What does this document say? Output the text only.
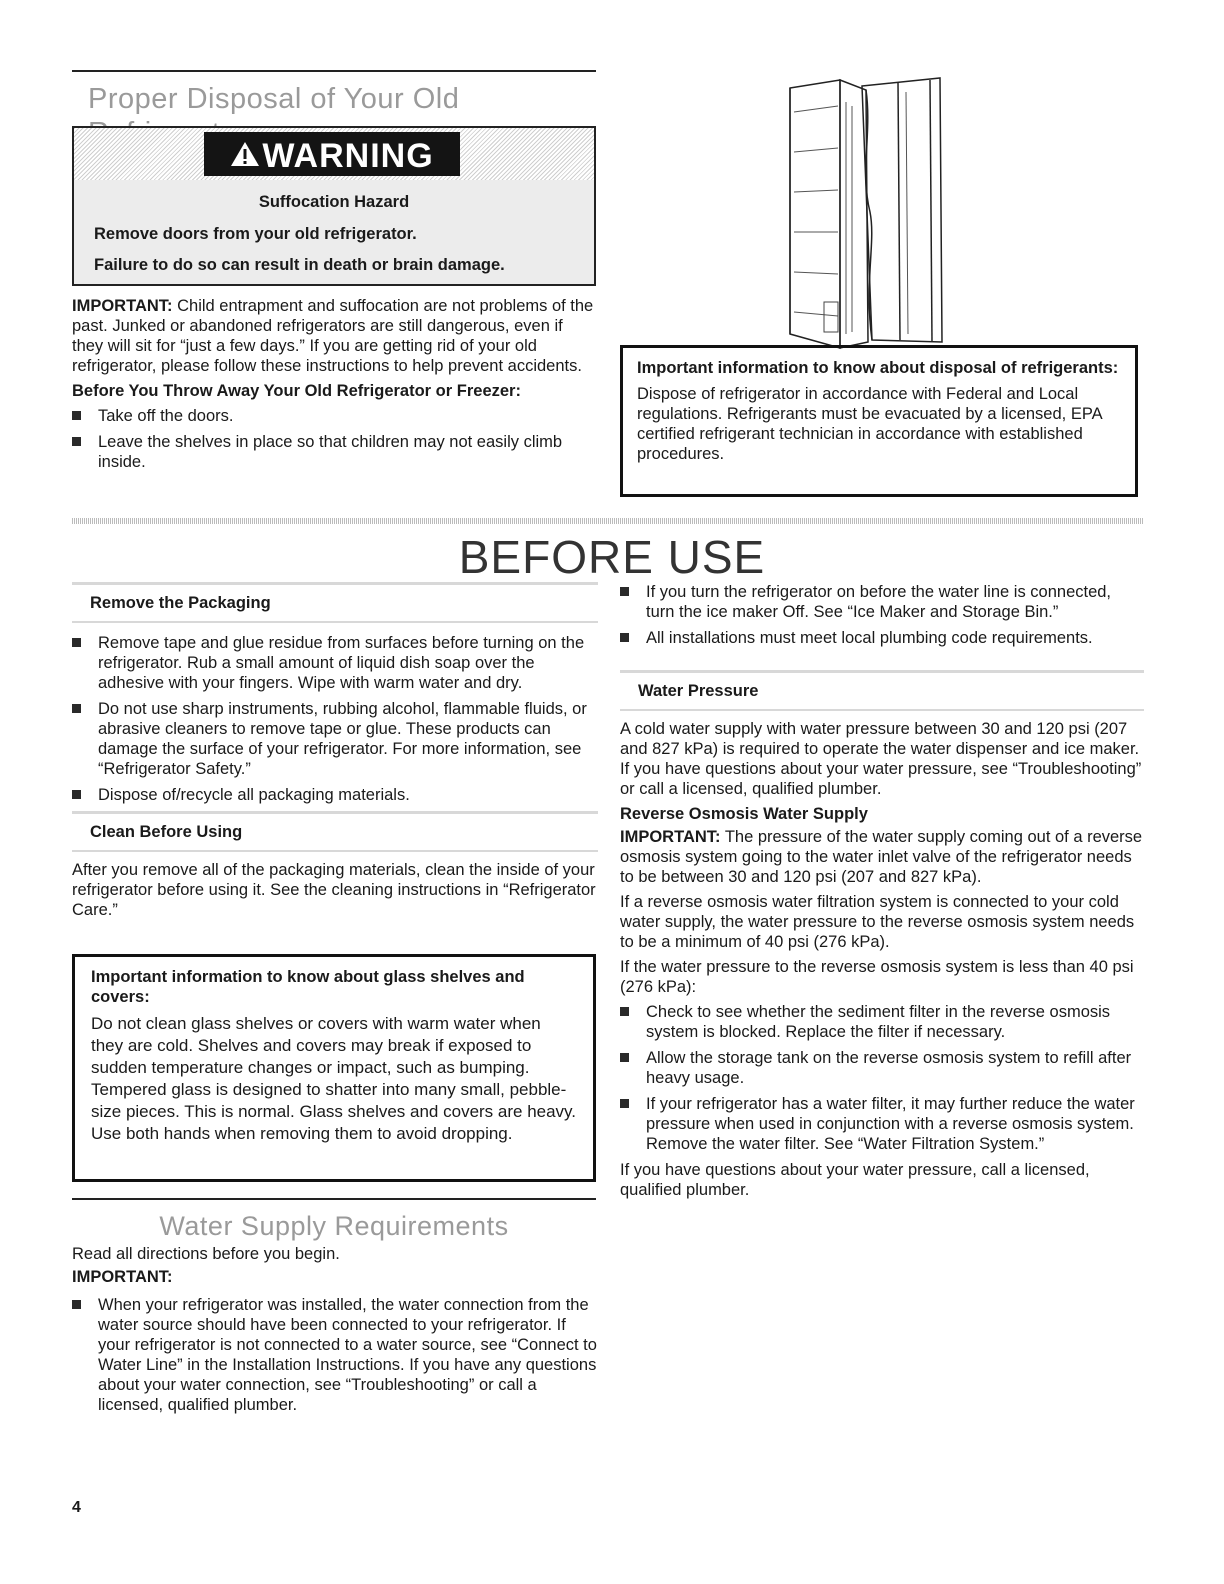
Proper Disposal of Your Old
WARNING
Suffocation Hazard
Remove doors from your old refrigerator.
Failure to do so can result in death or brain damage.

IMPORTANT: Child entrapment and suffocation are not problems of the past. Junked or abandoned refrigerators are still dangerous, even if they will sit for “just a few days.” If you are getting rid of your old refrigerator, please follow these instructions to help prevent accidents.

Before You Throw Away Your Old Refrigerator or Freezer:

Take off the doors.
Leave the shelves in place so that children may not easily climb inside.

Important information to know about disposal of refrigerants:

Dispose of refrigerator in accordance with Federal and Local regulations. Refrigerants must be evacuated by a licensed, EPA certified refrigerant technician in accordance with established procedures.

BEFORE USE
Remove the Packaging
Remove tape and glue residue from surfaces before turning on the refrigerator. Rub a small amount of liquid dish soap over the adhesive with your fingers. Wipe with warm water and dry.
Do not use sharp instruments, rubbing alcohol, flammable fluids, or abrasive cleaners to remove tape or glue. These products can damage the surface of your refrigerator. For more information, see “Refrigerator Safety.”
Dispose of/recycle all packaging materials.
Clean Before Using

After you remove all of the packaging materials, clean the inside of your refrigerator before using it. See the cleaning instructions in “Refrigerator Care.”

Important information to know about glass shelves and covers:

Do not clean glass shelves or covers with warm water when they are cold. Shelves and covers may break if exposed to sudden temperature changes or impact, such as bumping. Tempered glass is designed to shatter into many small, pebble-size pieces. This is normal. Glass shelves and covers are heavy. Use both hands when removing them to avoid dropping.

Water Supply Requirements

Read all directions before you begin.

IMPORTANT:

When your refrigerator was installed, the water connection from the water source should have been connected to your refrigerator. If your refrigerator is not connected to a water source, see “Connect to Water Line” in the Installation Instructions. If you have any questions about your water connection, see “Troubleshooting” or call a licensed, qualified plumber.
If you turn the refrigerator on before the water line is connected, turn the ice maker Off. See “Ice Maker and Storage Bin.”
All installations must meet local plumbing code requirements.
Water Pressure

A cold water supply with water pressure between 30 and 120 psi (207 and 827 kPa) is required to operate the water dispenser and ice maker. If you have questions about your water pressure, see “Troubleshooting” or call a licensed, qualified plumber.

Reverse Osmosis Water Supply

IMPORTANT: The pressure of the water supply coming out of a reverse osmosis system going to the water inlet valve of the refrigerator needs to be between 30 and 120 psi (207 and 827 kPa).

If a reverse osmosis water filtration system is connected to your cold water supply, the water pressure to the reverse osmosis system needs to be a minimum of 40 psi (276 kPa).

If the water pressure to the reverse osmosis system is less than 40 psi (276 kPa):

Check to see whether the sediment filter in the reverse osmosis system is blocked. Replace the filter if necessary.
Allow the storage tank on the reverse osmosis system to refill after heavy usage.
If your refrigerator has a water filter, it may further reduce the water pressure when used in conjunction with a reverse osmosis system. Remove the water filter. See “Water Filtration System.”

If you have questions about your water pressure, call a licensed, qualified plumber.

4
